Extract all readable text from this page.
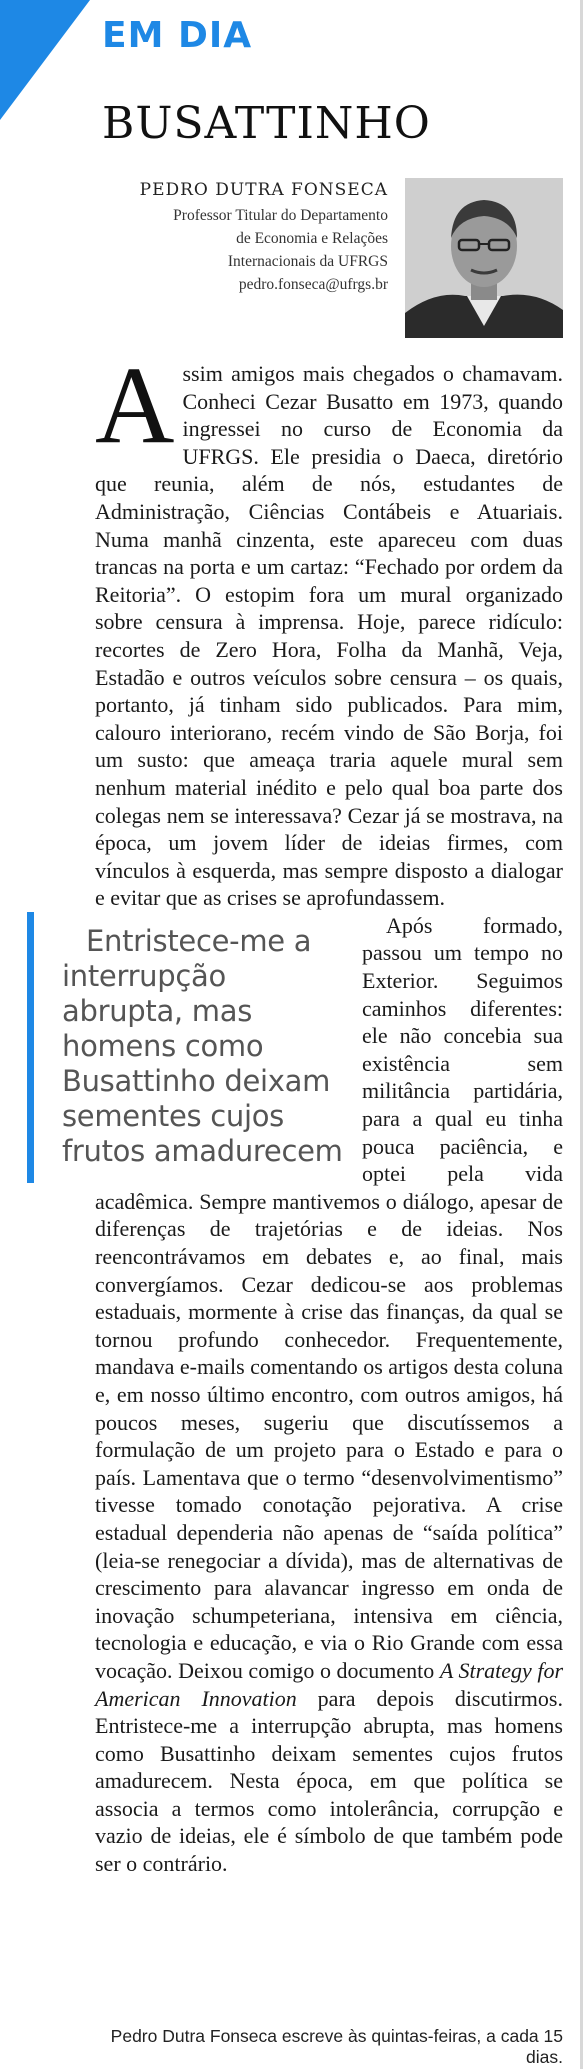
EM DIA
BUSATTINHO
PEDRO DUTRA FONSECA
Professor Titular do Departamento
de Economia e Relações
Internacionais da UFRGS
pedro.fonseca@ufrgs.br

Assim amigos mais chegados o chamavam. Conheci Cezar Busatto em 1973, quando ingressei no curso de Economia da UFRGS. Ele presidia o Daeca, diretório que reunia, além de nós, estudantes de Administração, Ciências Contábeis e Atuariais. Numa manhã cinzenta, este apareceu com duas trancas na porta e um cartaz: “Fechado por ordem da Reitoria”. O estopim fora um mural organizado sobre censura à imprensa. Hoje, parece ridículo: recortes de Zero Hora, Folha da Manhã, Veja, Estadão e outros veículos sobre censura – os quais, portanto, já tinham sido publicados. Para mim, calouro interiorano, recém vindo de São Borja, foi um susto: que ameaça traria aquele mural sem nenhum material inédito e pelo qual boa parte dos colegas nem se interessava? Cezar já se mostrava, na época, um jovem líder de ideias firmes, com vínculos à esquerda, mas sempre disposto a dialogar e evitar que as crises se aprofundassem.

Entristece-me a interrupção abrupta, mas homens como Busattinho deixam sementes cujos frutos amadurecem
Após formado, passou um tempo no Exterior. Seguimos caminhos diferentes: ele não concebia sua existência sem militância partidária, para a qual eu tinha pouca paciência, e optei pela vida acadêmica. Sempre mantivemos o diálogo, apesar de diferenças de trajetórias e de ideias. Nos reencontrávamos em debates e, ao final, mais convergíamos. Cezar dedicou-se aos problemas estaduais, mormente à crise das finanças, da qual se tornou profundo conhecedor. Frequentemente, mandava e-mails comentando os artigos desta coluna e, em nosso último encontro, com outros amigos, há poucos meses, sugeriu que discutíssemos a formulação de um projeto para o Estado e para o país. Lamentava que o termo “desenvolvimentismo” tivesse tomado conotação pejorativa. A crise estadual dependeria não apenas de “saída política” (leia-se renegociar a dívida), mas de alternativas de crescimento para alavancar ingresso em onda de inovação schumpeteriana, intensiva em ciência, tecnologia e educação, e via o Rio Grande com essa vocação. Deixou comigo o documento A Strategy for American Innovation para depois discutirmos. Entristece-me a interrupção abrupta, mas homens como Busattinho deixam sementes cujos frutos amadurecem. Nesta época, em que política se associa a termos como intolerância, corrupção e vazio de ideias, ele é símbolo de que também pode ser o contrário.

Pedro Dutra Fonseca escreve às quintas-feiras, a cada 15 dias.
